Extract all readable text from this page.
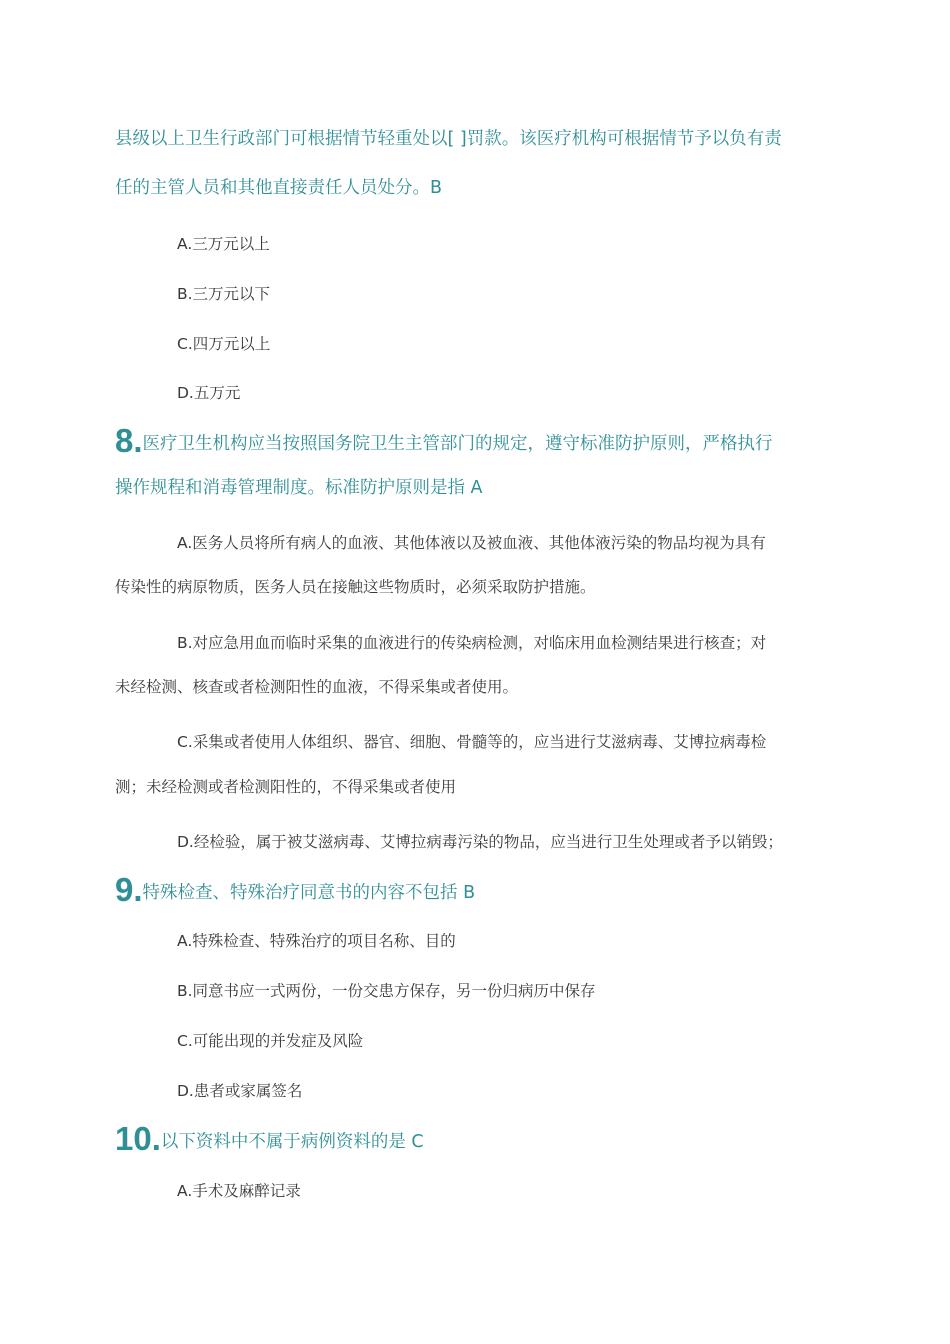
县级以上卫生行政部门可根据情节轻重处以[ ]罚款。该医疗机构可根据情节予以负有责
任的主管人员和其他直接责任人员处分。B
A.三万元以上
B.三万元以下
C.四万元以上
D.五万元
8.医疗卫生机构应当按照国务院卫生主管部门的规定，遵守标准防护原则，严格执行
操作规程和消毒管理制度。标准防护原则是指 A
A.医务人员将所有病人的血液、其他体液以及被血液、其他体液污染的物品均视为具有
传染性的病原物质，医务人员在接触这些物质时，必须采取防护措施。
B.对应急用血而临时采集的血液进行的传染病检测，对临床用血检测结果进行核查；对
未经检测、核查或者检测阳性的血液，不得采集或者使用。
C.采集或者使用人体组织、器官、细胞、骨髓等的，应当进行艾滋病毒、艾博拉病毒检
测；未经检测或者检测阳性的，不得采集或者使用
D.经检验，属于被艾滋病毒、艾博拉病毒污染的物品，应当进行卫生处理或者予以销毁；
9.特殊检查、特殊治疗同意书的内容不包括 B
A.特殊检查、特殊治疗的项目名称、目的
B.同意书应一式两份，一份交患方保存，另一份归病历中保存
C.可能出现的并发症及风险
D.患者或家属签名
10.以下资料中不属于病例资料的是 C
A.手术及麻醉记录
